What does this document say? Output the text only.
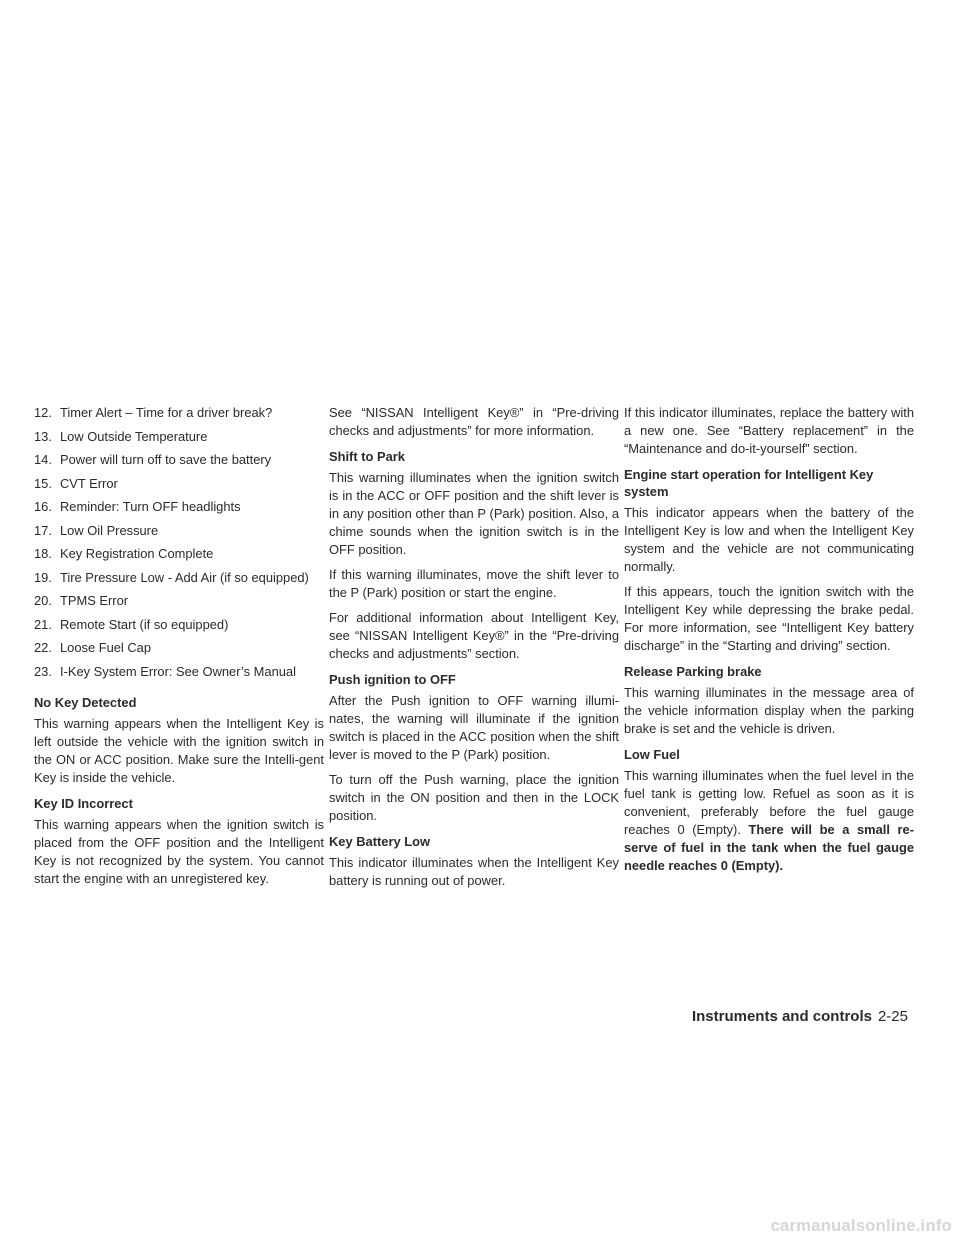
12. Timer Alert – Time for a driver break?
13. Low Outside Temperature
14. Power will turn off to save the battery
15. CVT Error
16. Reminder: Turn OFF headlights
17. Low Oil Pressure
18. Key Registration Complete
19. Tire Pressure Low - Add Air (if so equipped)
20. TPMS Error
21. Remote Start (if so equipped)
22. Loose Fuel Cap
23. I-Key System Error: See Owner’s Manual
No Key Detected

This warning appears when the Intelligent Key is left outside the vehicle with the ignition switch in the ON or ACC position. Make sure the Intelli-gent Key is inside the vehicle.

Key ID Incorrect

This warning appears when the ignition switch is placed from the OFF position and the Intelligent Key is not recognized by the system. You cannot start the engine with an unregistered key.

See “NISSAN Intelligent Key®” in “Pre-driving checks and adjustments” for more information.

Shift to Park

This warning illuminates when the ignition switch is in the ACC or OFF position and the shift lever is in any position other than P (Park) position. Also, a chime sounds when the ignition switch is in the OFF position.

If this warning illuminates, move the shift lever to the P (Park) position or start the engine.

For additional information about Intelligent Key, see “NISSAN Intelligent Key®” in the “Pre-driving checks and adjustments” section.

Push ignition to OFF

After the Push ignition to OFF warning illumi-nates, the warning will illuminate if the ignition switch is placed in the ACC position when the shift lever is moved to the P (Park) position.

To turn off the Push warning, place the ignition switch in the ON position and then in the LOCK position.

Key Battery Low

This indicator illuminates when the Intelligent Key battery is running out of power.

If this indicator illuminates, replace the battery with a new one. See “Battery replacement” in the “Maintenance and do-it-yourself” section.

Engine start operation for Intelligent Key system

This indicator appears when the battery of the Intelligent Key is low and when the Intelligent Key system and the vehicle are not communicating normally.

If this appears, touch the ignition switch with the Intelligent Key while depressing the brake pedal. For more information, see “Intelligent Key battery discharge” in the “Starting and driving” section.

Release Parking brake

This warning illuminates in the message area of the vehicle information display when the parking brake is set and the vehicle is driven.

Low Fuel

This warning illuminates when the fuel level in the fuel tank is getting low. Refuel as soon as it is convenient, preferably before the fuel gauge reaches 0 (Empty). There will be a small re-serve of fuel in the tank when the fuel gauge needle reaches 0 (Empty).

Instruments and controls 2-25
carmanualsonline.info
